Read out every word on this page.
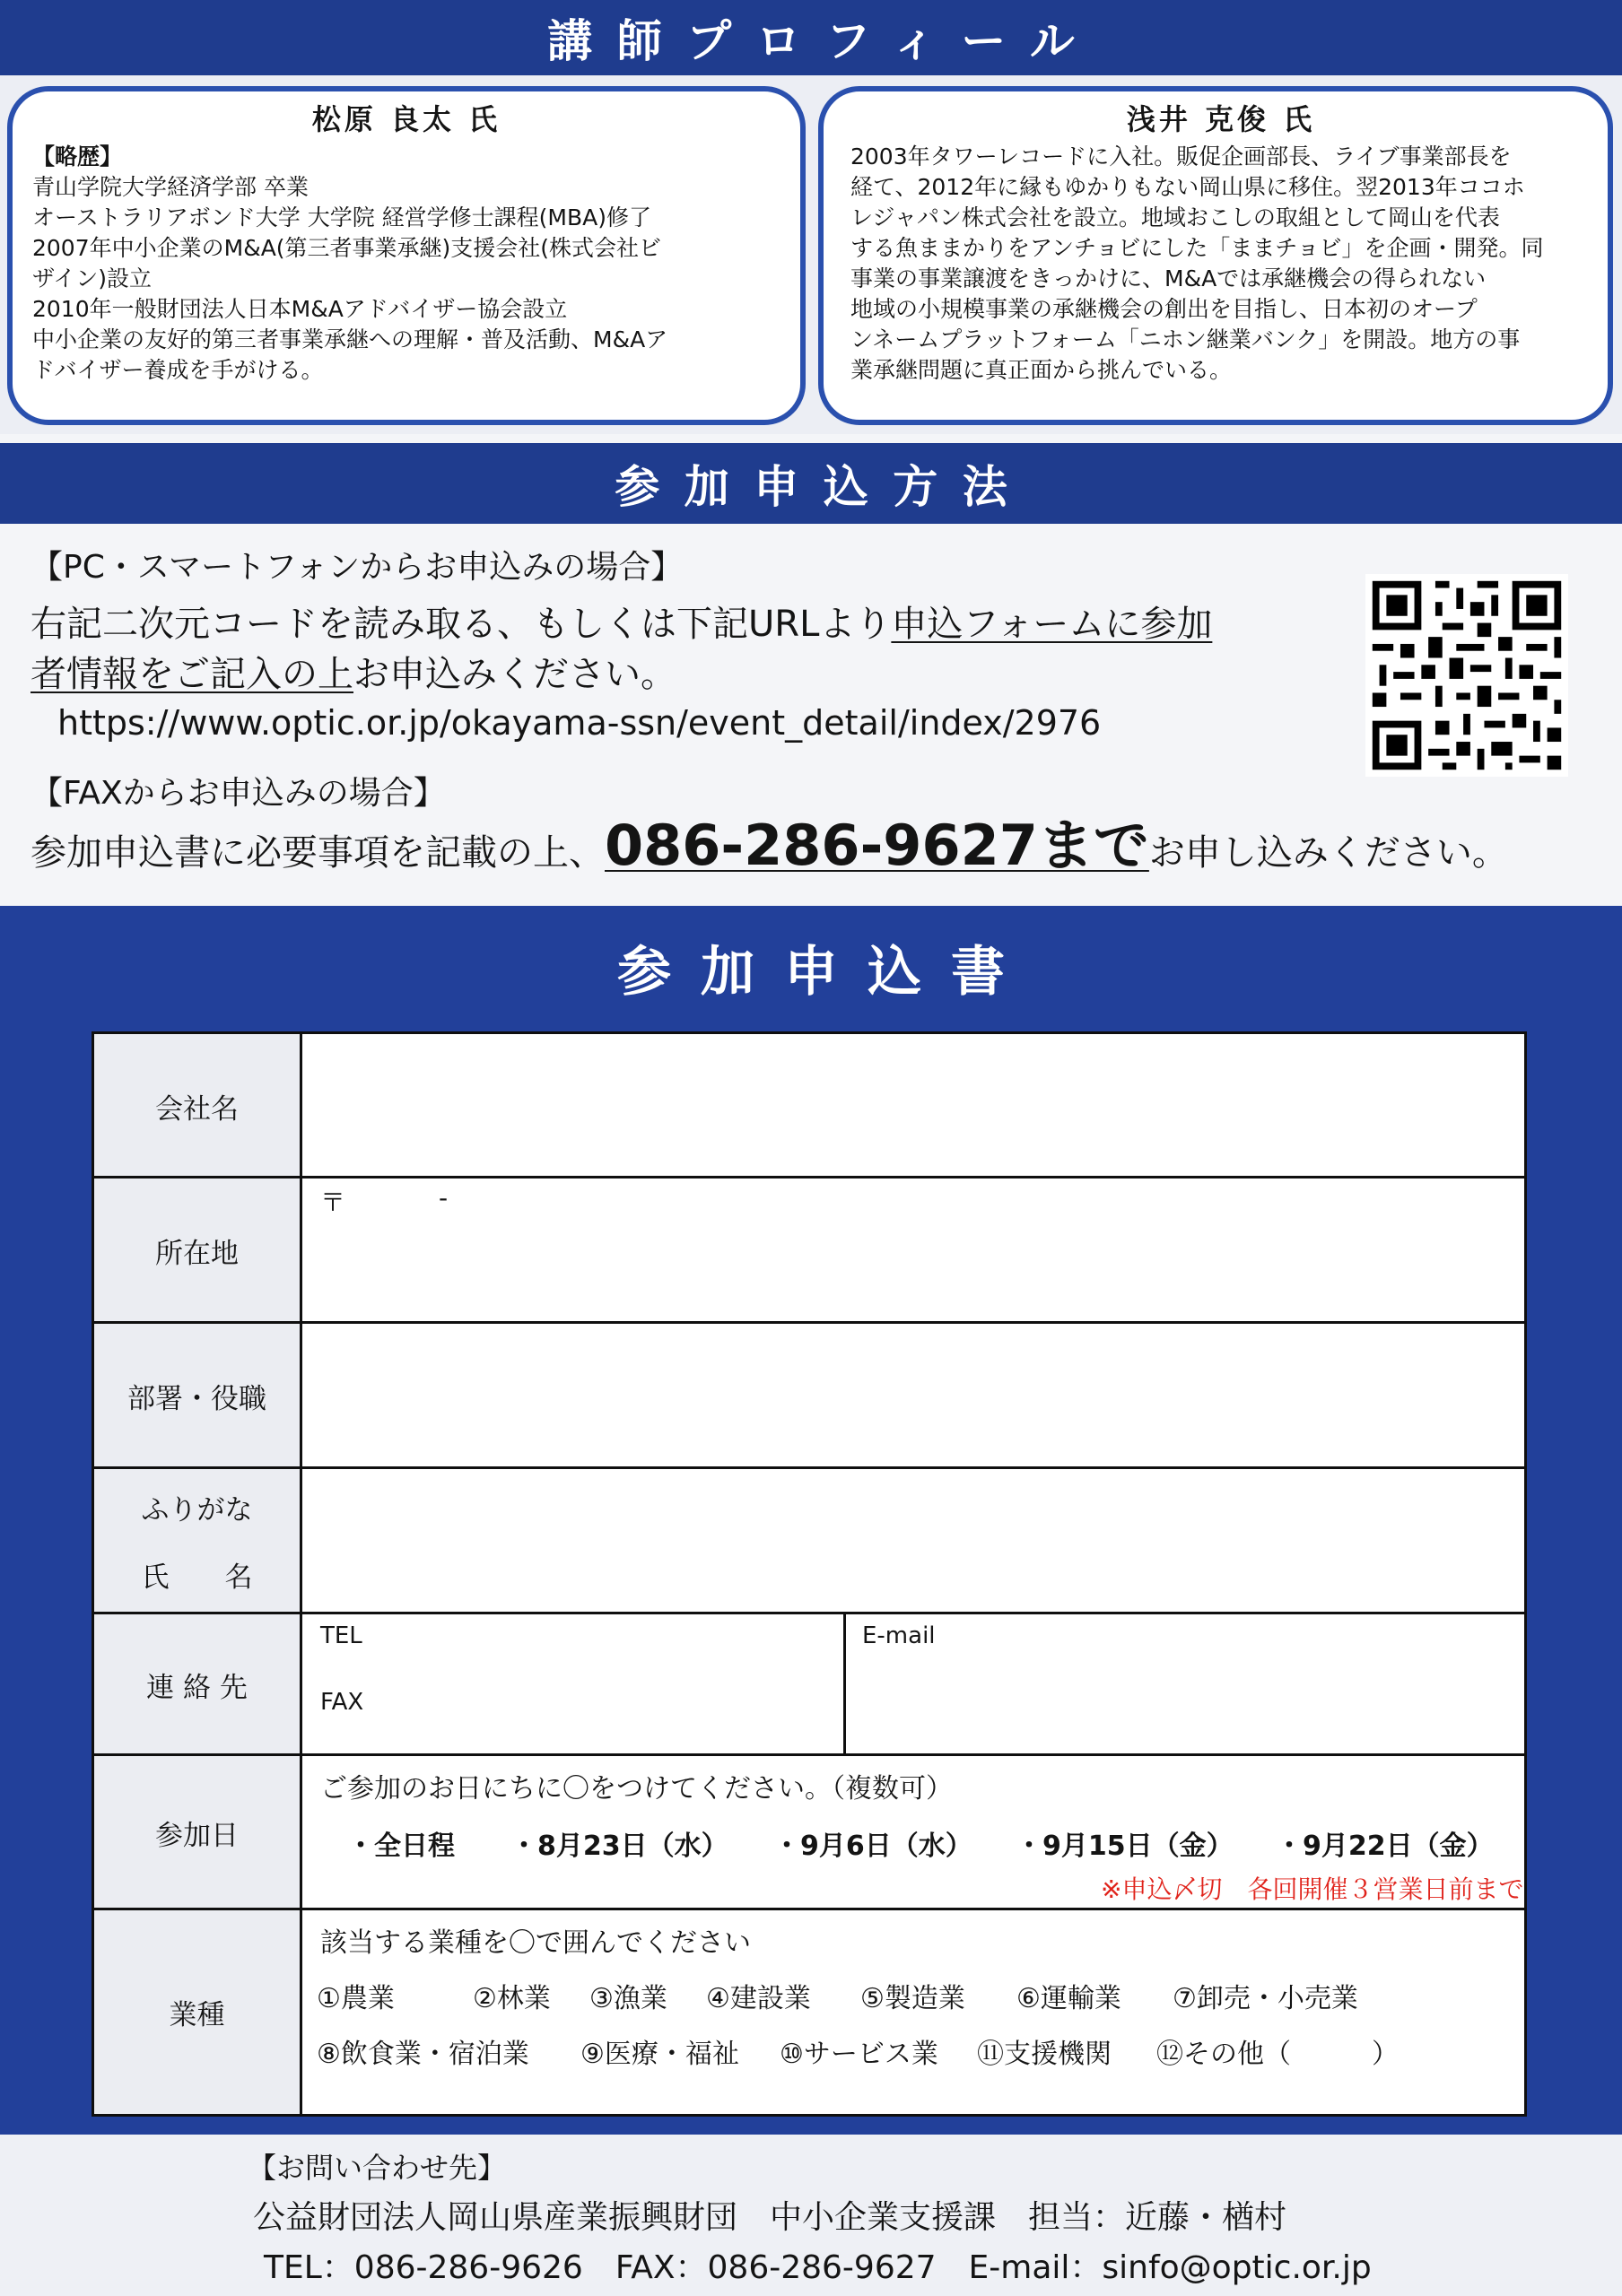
講師プロフィール
松原 良太 氏
【略歴】
青山学院大学経済学部 卒業
オーストラリアボンド大学 大学院 経営学修士課程(MBA)修了
2007年中小企業のM&A(第三者事業承継)支援会社(株式会社ビ
ザイン)設立
2010年一般財団法人日本M&Aアドバイザー協会設立
中小企業の友好的第三者事業承継への理解・普及活動、M&Aア
ドバイザー養成を手がける。
浅井 克俊 氏
2003年タワーレコードに入社。販促企画部長、ライブ事業部長を
経て、2012年に縁もゆかりもない岡山県に移住。翌2013年ココホ
レジャパン株式会社を設立。地域おこしの取組として岡山を代表
する魚ままかりをアンチョビにした「ままチョビ」を企画・開発。同
事業の事業譲渡をきっかけに、M&Aでは承継機会の得られない
地域の小規模事業の承継機会の創出を目指し、日本初のオープ
ンネームプラットフォーム「ニホン継業バンク」を開設。地方の事
業承継問題に真正面から挑んでいる。
参加申込方法
【PC・スマートフォンからお申込みの場合】
右記二次元コードを読み取る、もしくは下記URLより申込フォームに参加
者情報をご記入の上お申込みください。
https://www.optic.or.jp/okayama-ssn/event_detail/index/2976
【FAXからお申込みの場合】
参加申込書に必要事項を記載の上、086-286-9627までお申し込みください。
参加申込書
会社名
所在地
部署・役職
ふりがな
氏　　名
連 絡 先
参加日
業種
〒	-
TEL
FAX
E-mail
ご参加のお日にちに〇をつけてください。（複数可）
・全日程 ・8月23日（水） ・9月6日（水） ・9月15日（金） ・9月22日（金）
※申込〆切　各回開催３営業日前まで
該当する業種を〇で囲んでください
①農業	②林業 ③漁業 ④建設業 ⑤製造業 ⑥運輸業 ⑦卸売・小売業
⑧飲食業・宿泊業 ⑨医療・福祉 ⑩サービス業 ⑪支援機関 ⑫その他（　　　）
【お問い合わせ先】
公益財団法人岡山県産業振興財団　中小企業支援課　担当：近藤・楢村
TEL：086-286-9626　FAX：086-286-9627　E-mail：sinfo@optic.or.jp
